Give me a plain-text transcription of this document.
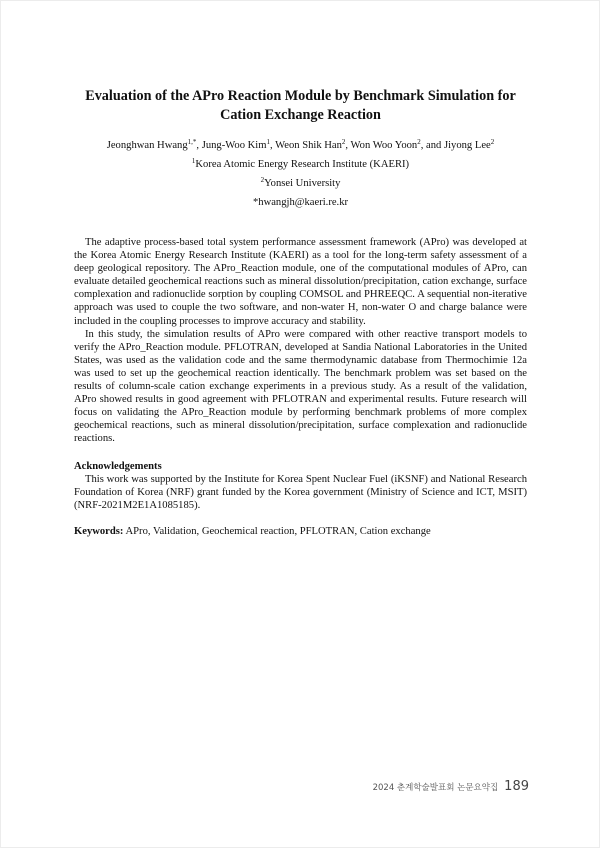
Evaluation of the APro Reaction Module by Benchmark Simulation for Cation Exchange Reaction
Jeonghwan Hwang$^{1,*}$, Jung-Woo Kim$^1$, Weon Shik Han$^2$, Won Woo Yoon$^2$, and Jiyong Lee$^2$
$^1$Korea Atomic Energy Research Institute (KAERI)
$^2$Yonsei University
*hwangjh@kaeri.re.kr

The adaptive process-based total system performance assessment framework (APro) was developed at the Korea Atomic Energy Research Institute (KAERI) as a tool for the long-term safety assessment of a deep geological repository. The APro_Reaction module, one of the computational modules of APro, can evaluate detailed geochemical reactions such as mineral dissolution/precipitation, cation exchange, surface complexation and radionuclide sorption by coupling COMSOL and PHREEQC. A sequential non-iterative approach was used to couple the two software, and non-water H, non-water O and charge balance were included in the coupling processes to improve accuracy and stability.

In this study, the simulation results of APro were compared with other reactive transport models to verify the APro_Reaction module. PFLOTRAN, developed at Sandia National Laboratories in the United States, was used as the validation code and the same thermodynamic database from Thermochimie 12a was used to set up the geochemical reaction identically. The benchmark problem was set based on the results of column-scale cation exchange experiments in a previous study. As a result of the validation, APro showed results in good agreement with PFLOTRAN and experimental results. Future research will focus on validating the APro_Reaction module by performing benchmark problems of more complex geochemical reactions, such as mineral dissolution/precipitation, surface complexation and radionuclide reactions.

Acknowledgements

This work was supported by the Institute for Korea Spent Nuclear Fuel (iKSNF) and National Research Foundation of Korea (NRF) grant funded by the Korea government (Ministry of Science and ICT, MSIT) (NRF-2021M2E1A1085185).

Keywords: APro, Validation, Geochemical reaction, PFLOTRAN, Cation exchange
2024 춘계학술발표회 논문요약집 189
